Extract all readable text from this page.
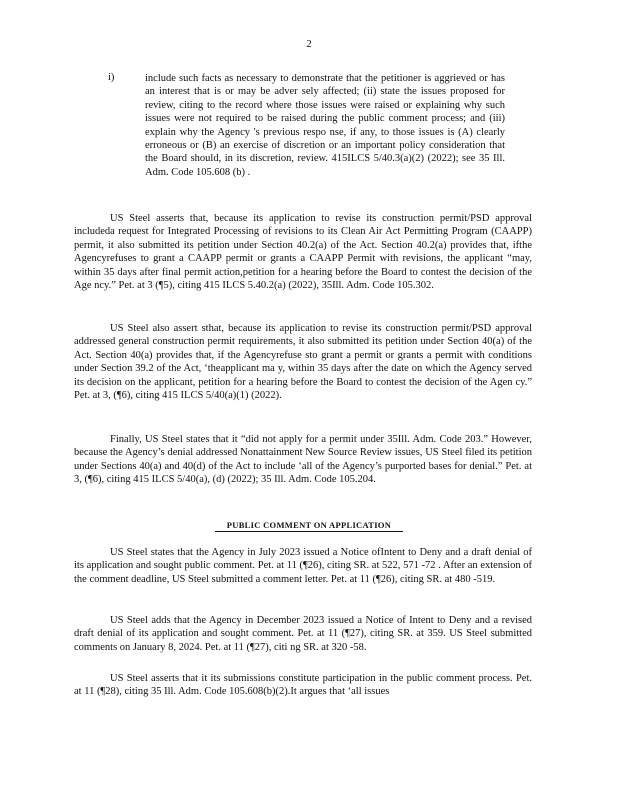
2
i)	include such facts as necessary to demonstrate that the petitioner is aggrieved or has an interest that is or may be adver sely affected; (ii) state the issues proposed for review, citing to the record where those issues were raised or explaining why such issues were not required to be raised during the public comment process; and (iii) explain why the Agency 's previous respo nse, if any, to those issues is (A) clearly erroneous or (B) an exercise of discretion or an important policy consideration that the Board should, in its discretion, review. 415ILCS 5/40.3(a)(2) (2022); see 35 Ill. Adm. Code 105.608 (b) .
US Steel asserts that, because its application to revise its construction permit/PSD approval includeda request for Integrated Processing of revisions to its Clean Air Act Permitting Program (CAAPP) permit, it also submitted its petition under Section 40.2(a) of the Act. Section 40.2(a) provides that, ifthe Agencyrefuses to grant a CAAPP permit or grants a CAAPP Permit with revisions, the applicant “may, within 35 days after final permit action,petition for a hearing before the Board to contest the decision of the Age ncy.” Pet. at 3 (¶5), citing 415 ILCS 5.40.2(a) (2022), 35Ill. Adm. Code 105.302.
US Steel also assert sthat, because its application to revise its construction permit/PSD approval addressed general construction permit requirements, it also submitted its petition under Section 40(a) of the Act. Section 40(a) provides that, if the Agencyrefuse sto grant a permit or grants a permit with conditions under Section 39.2 of the Act, ‘theapplicant ma y, within 35 days after the date on which the Agency served its decision on the applicant, petition for a hearing before the Board to contest the decision of the Agen cy.” Pet. at 3, (¶6), citing 415 ILCS 5/40(a)(1) (2022).
Finally, US Steel states that it “did not apply for a permit under 35Ill. Adm. Code 203.” However, because the Agency’s denial addressed Nonattainment New Source Review issues, US Steel filed its petition under Sections 40(a) and 40(d) of the Act to include ‘all of the Agency’s purported bases for denial.” Pet. at 3, (¶6), citing 415 ILCS 5/40(a), (d) (2022); 35 Ill. Adm. Code 105.204.
PUBLIC COMMENT ON APPLICATION
US Steel states that the Agency in July 2023 issued a Notice ofIntent to Deny and a draft denial of its application and sought public comment. Pet. at 11 (¶26), citing SR. at 522, 571 -72 . After an extension of the comment deadline, US Steel submitted a comment letter. Pet. at 11 (¶26), citing SR. at 480 -519.
US Steel adds that the Agency in December 2023 issued a Notice of Intent to Deny and a revised draft denial of its application and sought comment. Pet. at 11 (¶27), citing SR. at 359. US Steel submitted comments on January 8, 2024. Pet. at 11 (¶27), citi ng SR. at 320 -58.
US Steel asserts that it its submissions constitute participation in the public comment process. Pet. at 11 (¶28), citing 35 Ill. Adm. Code 105.608(b)(2).It argues that ‘all issues
